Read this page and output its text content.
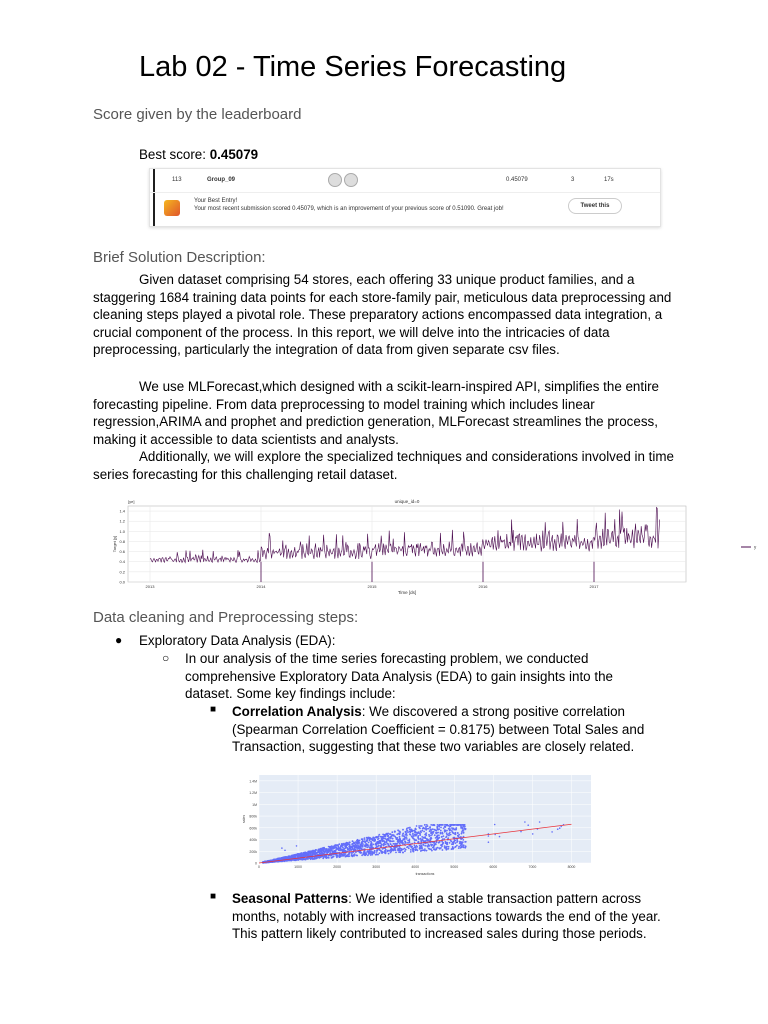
Lab 02 - Time Series Forecasting
Score given by the leaderboard
Best score: 0.45079
113	Group_09	0.45079	3	17s
Your Best Entry!
Your most recent submission scored 0.45079, which is an improvement of your previous score of 0.51090. Great job!	Tweet this
Brief Solution Description:
Given dataset comprising 54 stores, each offering 33 unique product families, and a staggering 1684 training data points for each store-family pair, meticulous data preprocessing and cleaning steps played a pivotal role. These preparatory actions encompassed data integration, a crucial component of the process. In this report, we will delve into the intricacies of data preprocessing, particularly the integration of data from given separate csv files.
We use MLForecast,which designed with a scikit-learn-inspired API, simplifies the entire forecasting pipeline. From data preprocessing to model training which includes linear regression,ARIMA and prophet and prediction generation, MLForecast streamlines the process, making it accessible to data scientists and analysts.
Additionally, we will explore the specialized techniques and considerations involved in time series forecasting for this challenging retail dataset.
0.0
0.2
0.4
0.6
0.8
1.0
1.2
1.4
2013	2014	2015	2016	2017
unique_id=0
[ye]
Time [ds]
Target [y]	y
Data cleaning and Preprocessing steps:
● Exploratory Data Analysis (EDA):
○ In our analysis of the time series forecasting problem, we conducted comprehensive Exploratory Data Analysis (EDA) to gain insights into the dataset. Some key findings include:
■ Correlation Analysis: We discovered a strong positive correlation (Spearman Correlation Coefficient = 0.8175) between Total Sales and Transaction, suggesting that these two variables are closely related.
0
200k
400k
600k
800k
1M
1.2M
1.4M
0	1000	2000	3000	4000	5000	6000	7000	8000
transactions
sales
■ Seasonal Patterns: We identified a stable transaction pattern across months, notably with increased transactions towards the end of the year. This pattern likely contributed to increased sales during those periods.
